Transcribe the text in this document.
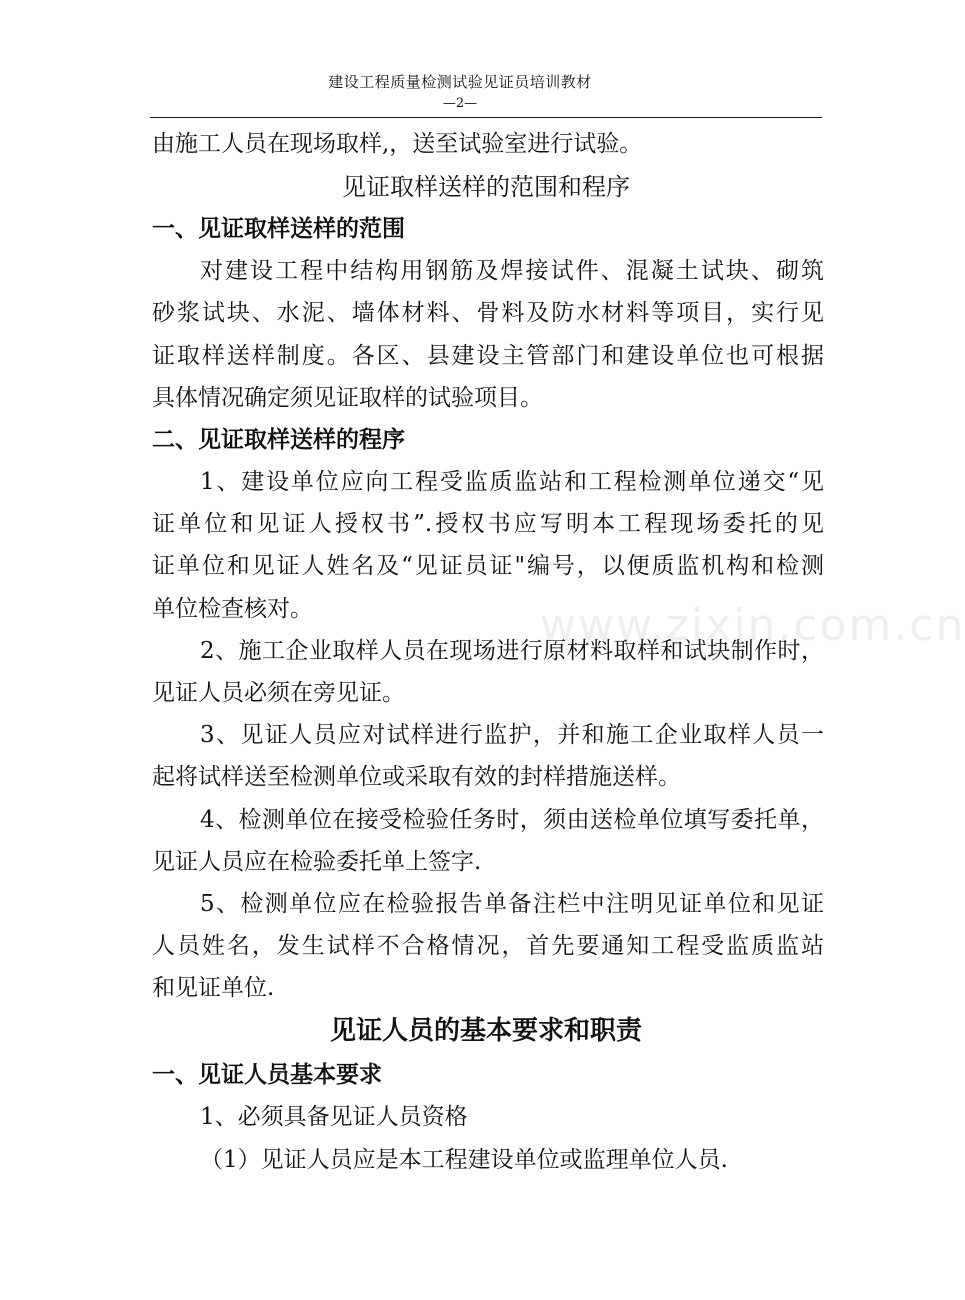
建设工程质量检测试验见证员培训教材
—2—
www.zixin.com.cn
由施工人员在现场取样,，送至试验室进行试验。
见证取样送样的范围和程序
一、见证取样送样的范围
对建设工程中结构用钢筋及焊接试件、混凝土试块、砌筑
砂浆试块、水泥、墙体材料、骨料及防水材料等项目，实行见
证取样送样制度。各区、县建设主管部门和建设单位也可根据
具体情况确定须见证取样的试验项目。
二、见证取样送样的程序
1、建设单位应向工程受监质监站和工程检测单位递交“见
证单位和见证人授权书”.授权书应写明本工程现场委托的见
证单位和见证人姓名及“见证员证"编号，以便质监机构和检测
单位检查核对。
2、施工企业取样人员在现场进行原材料取样和试块制作时，
见证人员必须在旁见证。
3、见证人员应对试样进行监护，并和施工企业取样人员一
起将试样送至检测单位或采取有效的封样措施送样。
4、检测单位在接受检验任务时，须由送检单位填写委托单，
见证人员应在检验委托单上签字.
5、检测单位应在检验报告单备注栏中注明见证单位和见证
人员姓名，发生试样不合格情况，首先要通知工程受监质监站
和见证单位.
见证人员的基本要求和职责
一、见证人员基本要求
1、必须具备见证人员资格
（1）见证人员应是本工程建设单位或监理单位人员.
